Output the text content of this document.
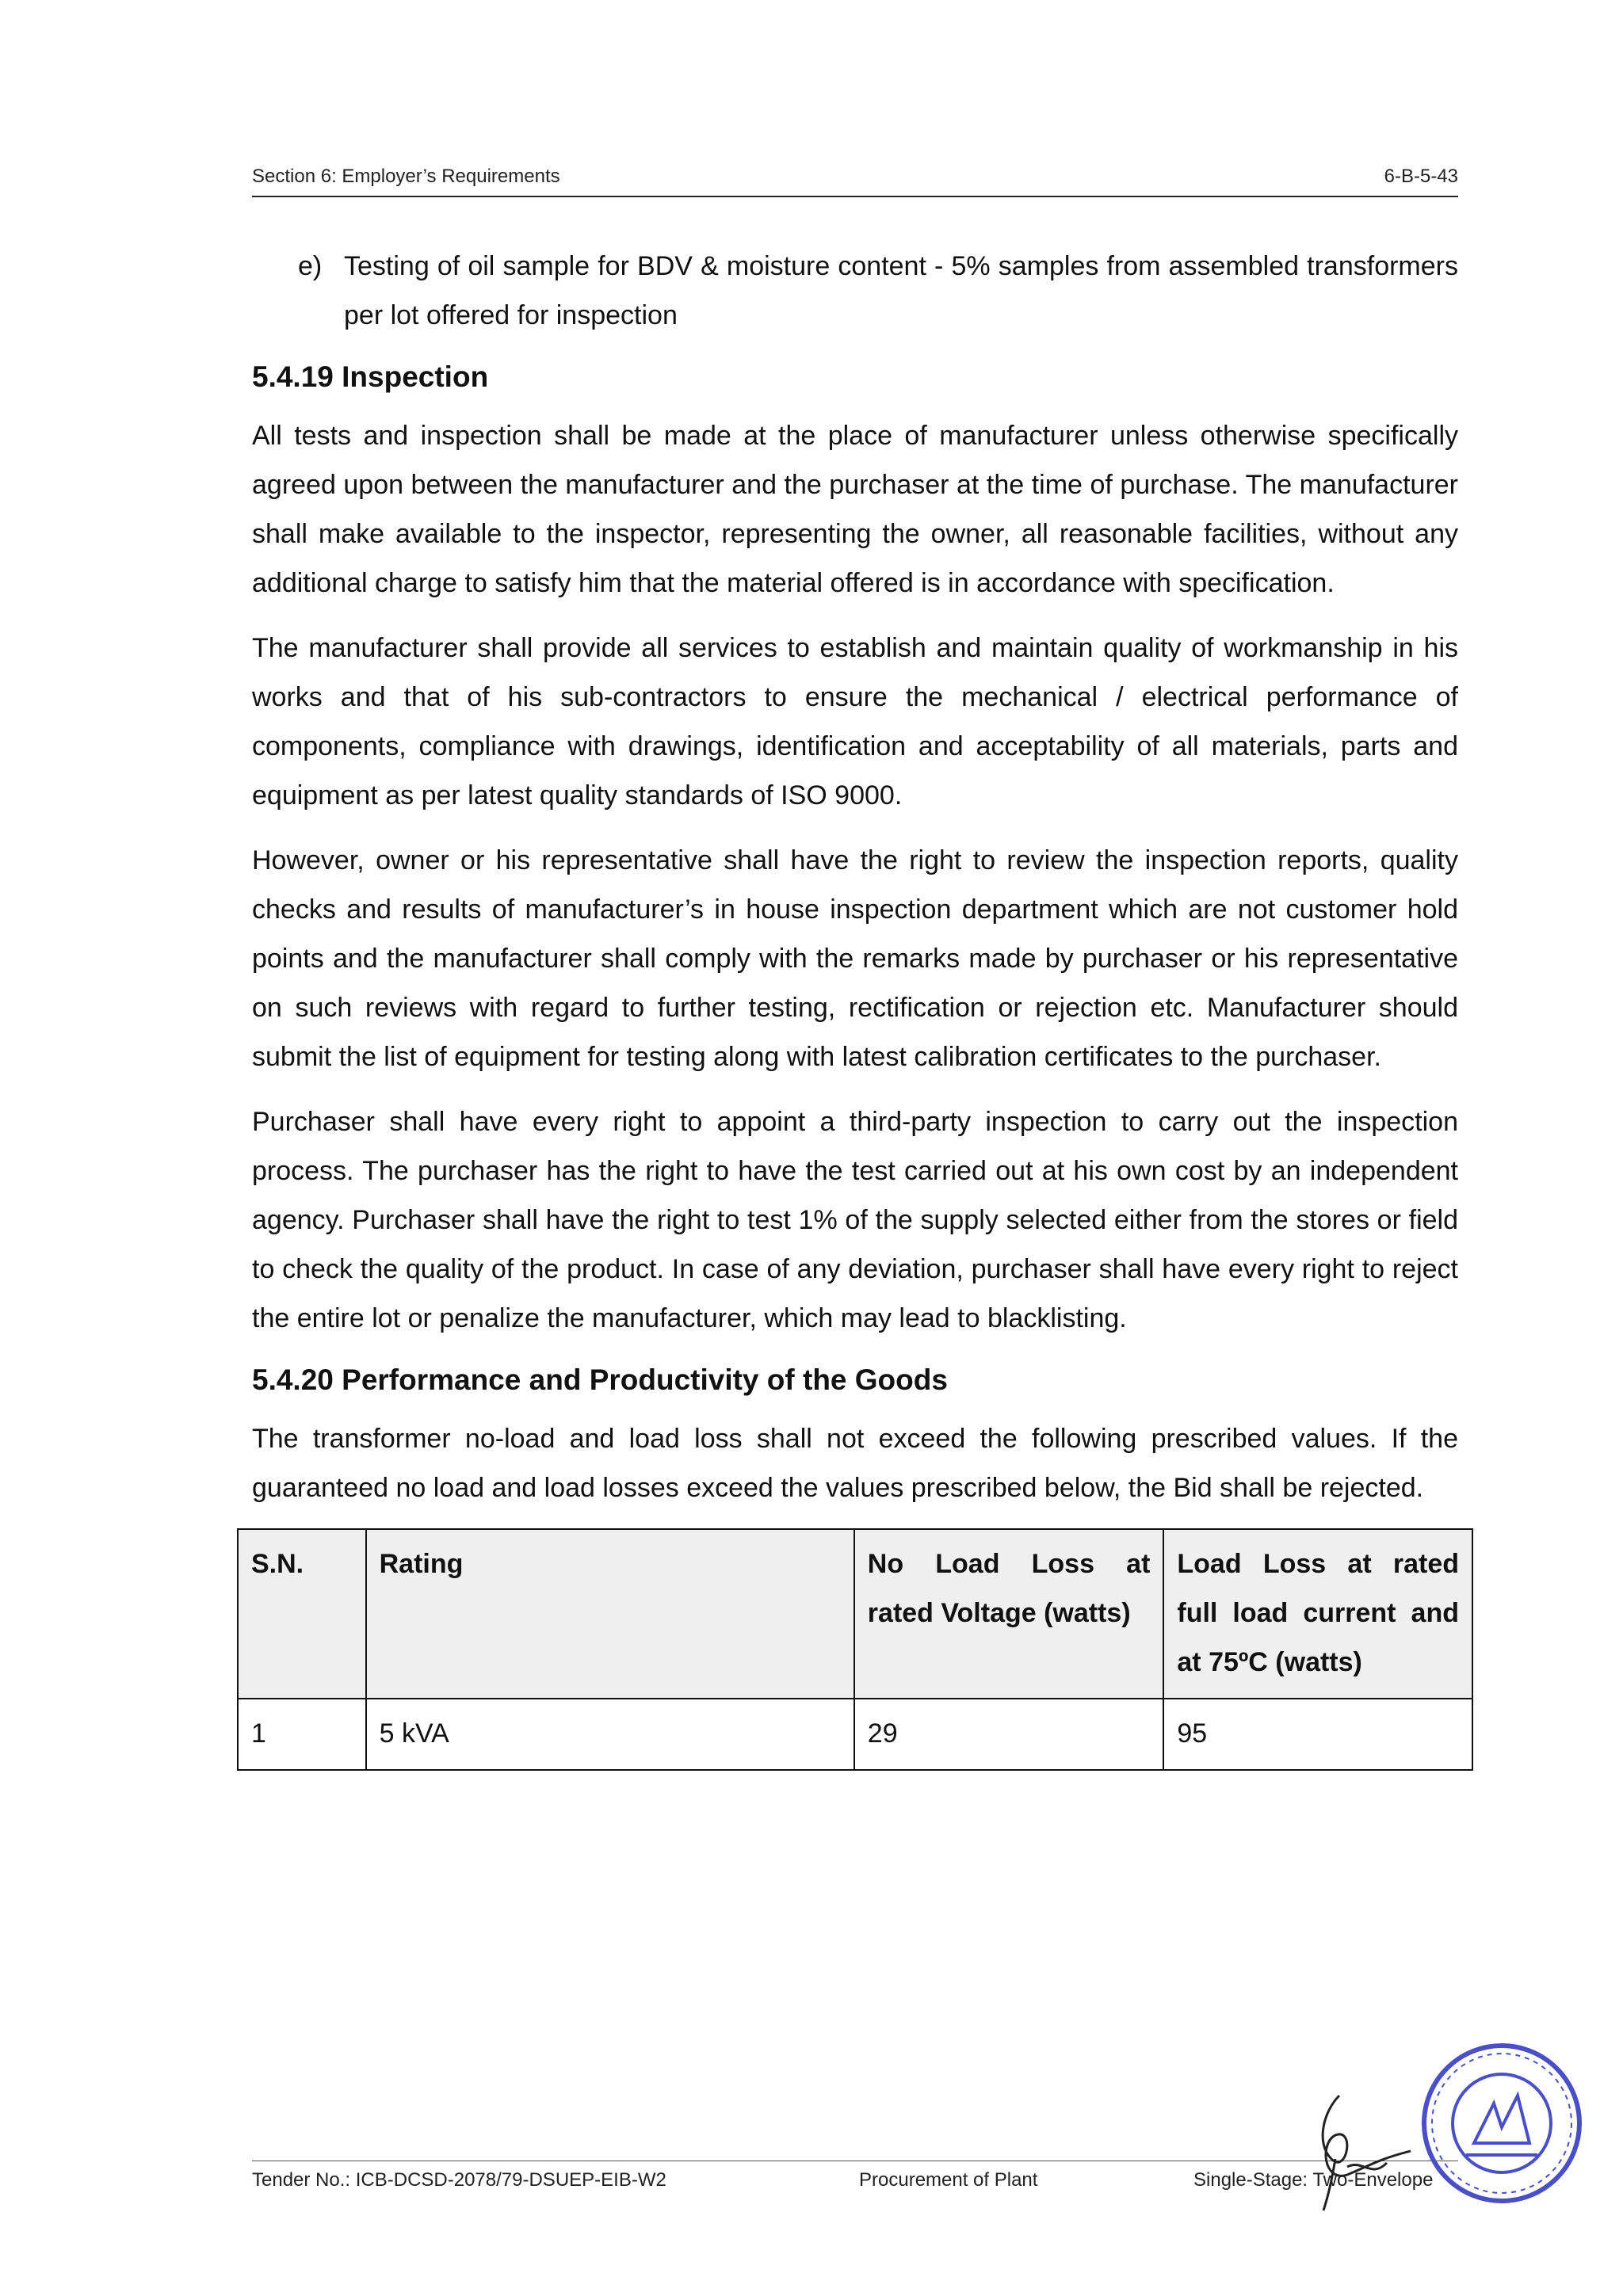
Section 6: Employer’s Requirements	6-B-5-43
e) Testing of oil sample for BDV & moisture content - 5% samples from assembled transformers per lot offered for inspection
5.4.19 Inspection

All tests and inspection shall be made at the place of manufacturer unless otherwise specifically agreed upon between the manufacturer and the purchaser at the time of purchase. The manufacturer shall make available to the inspector, representing the owner, all reasonable facilities, without any additional charge to satisfy him that the material offered is in accordance with specification.

The manufacturer shall provide all services to establish and maintain quality of workmanship in his works and that of his sub-contractors to ensure the mechanical / electrical performance of components, compliance with drawings, identification and acceptability of all materials, parts and equipment as per latest quality standards of ISO 9000.

However, owner or his representative shall have the right to review the inspection reports, quality checks and results of manufacturer’s in house inspection department which are not customer hold points and the manufacturer shall comply with the remarks made by purchaser or his representative on such reviews with regard to further testing, rectification or rejection etc. Manufacturer should submit the list of equipment for testing along with latest calibration certificates to the purchaser.

Purchaser shall have every right to appoint a third-party inspection to carry out the inspection process. The purchaser has the right to have the test carried out at his own cost by an independent agency. Purchaser shall have the right to test 1% of the supply selected either from the stores or field to check the quality of the product. In case of any deviation, purchaser shall have every right to reject the entire lot or penalize the manufacturer, which may lead to blacklisting.

5.4.20 Performance and Productivity of the Goods

The transformer no-load and load loss shall not exceed the following prescribed values. If the guaranteed no load and load losses exceed the values prescribed below, the Bid shall be rejected.

S.N.	Rating	No Load Loss at rated Voltage (watts)	Load Loss at rated full load current and at 75ºC (watts)
1	5 kVA	29	95
Tender No.: ICB-DCSD-2078/79-DSUEP-EIB-W2	Procurement of Plant	Single-Stage: Two-Envelope
